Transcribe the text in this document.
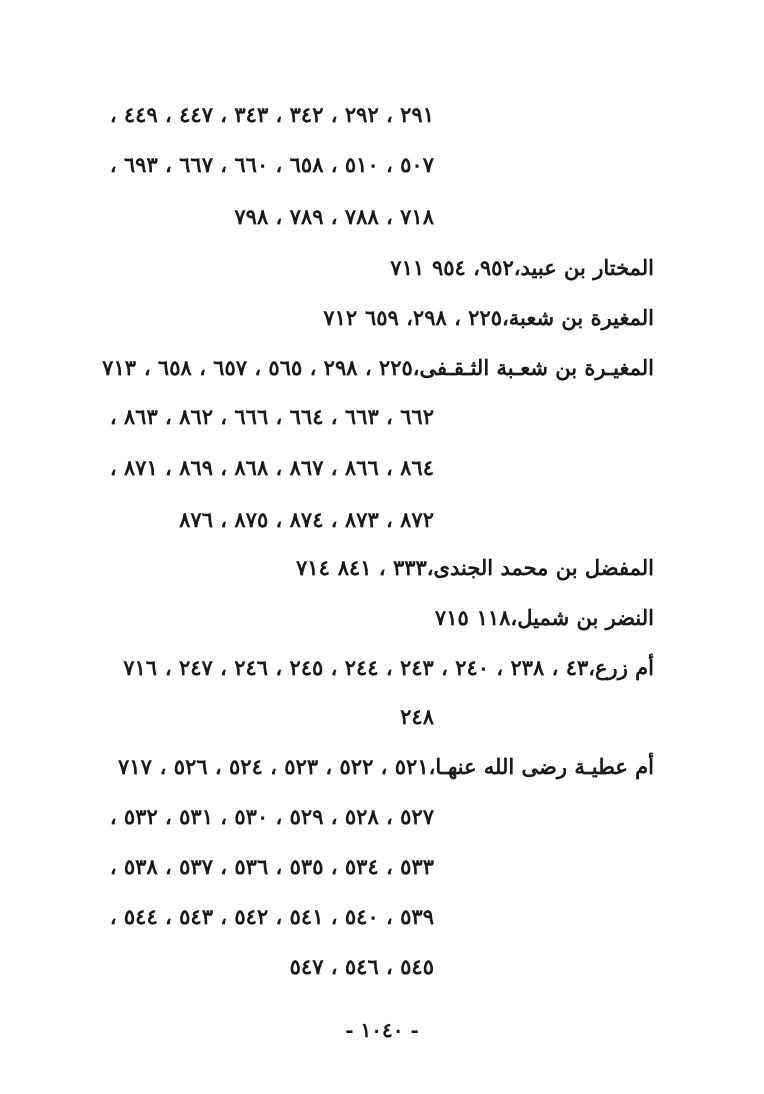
٢٩١ ، ٢٩٢ ، ٣٤٢ ، ٣٤٣ ، ٤٤٧ ، ٤٤٩ ،
٥٠٧ ، ٥١٠ ، ٦٥٨ ، ٦٦٠ ، ٦٦٧ ، ٦٩٣ ،
٧١٨ ، ٧٨٨ ، ٧٨٩ ، ٧٩٨
٧١١ المختار بن عبيد،٩٥٢، ٩٥٤
٧١٢ المغيرة بن شعبة،٢٢٥ ، ٢٩٨، ٦٥٩
٧١٣ المغيـرة بن شعـبة الثـقـفى،٢٢٥ ، ٢٩٨ ، ٥٦٥ ، ٦٥٧ ، ٦٥٨ ،
٦٦٢ ، ٦٦٣ ، ٦٦٤ ، ٦٦٦ ، ٨٦٢ ، ٨٦٣ ،
٨٦٤ ، ٨٦٦ ، ٨٦٧ ، ٨٦٨ ، ٨٦٩ ، ٨٧١ ،
٨٧٢ ، ٨٧٣ ، ٨٧٤ ، ٨٧٥ ، ٨٧٦
٧١٤ المفضل بن محمد الجندى،٣٣٣ ، ٨٤١
٧١٥ النضر بن شميل،١١٨
٧١٦ أم زرع،٤٣ ، ٢٣٨ ، ٢٤٠ ، ٢٤٣ ، ٢٤٤ ، ٢٤٥ ، ٢٤٦ ، ٢٤٧ ،
٢٤٨
٧١٧ أم عطيـة رضى الله عنهـا،٥٢١ ، ٥٢٢ ، ٥٢٣ ، ٥٢٤ ، ٥٢٦ ،
٥٢٧ ، ٥٢٨ ، ٥٢٩ ، ٥٣٠ ، ٥٣١ ، ٥٣٢ ،
٥٣٣ ، ٥٣٤ ، ٥٣٥ ، ٥٣٦ ، ٥٣٧ ، ٥٣٨ ،
٥٣٩ ، ٥٤٠ ، ٥٤١ ، ٥٤٢ ، ٥٤٣ ، ٥٤٤ ،
٥٤٥ ، ٥٤٦ ، ٥٤٧
- ١٠٤٠ -
